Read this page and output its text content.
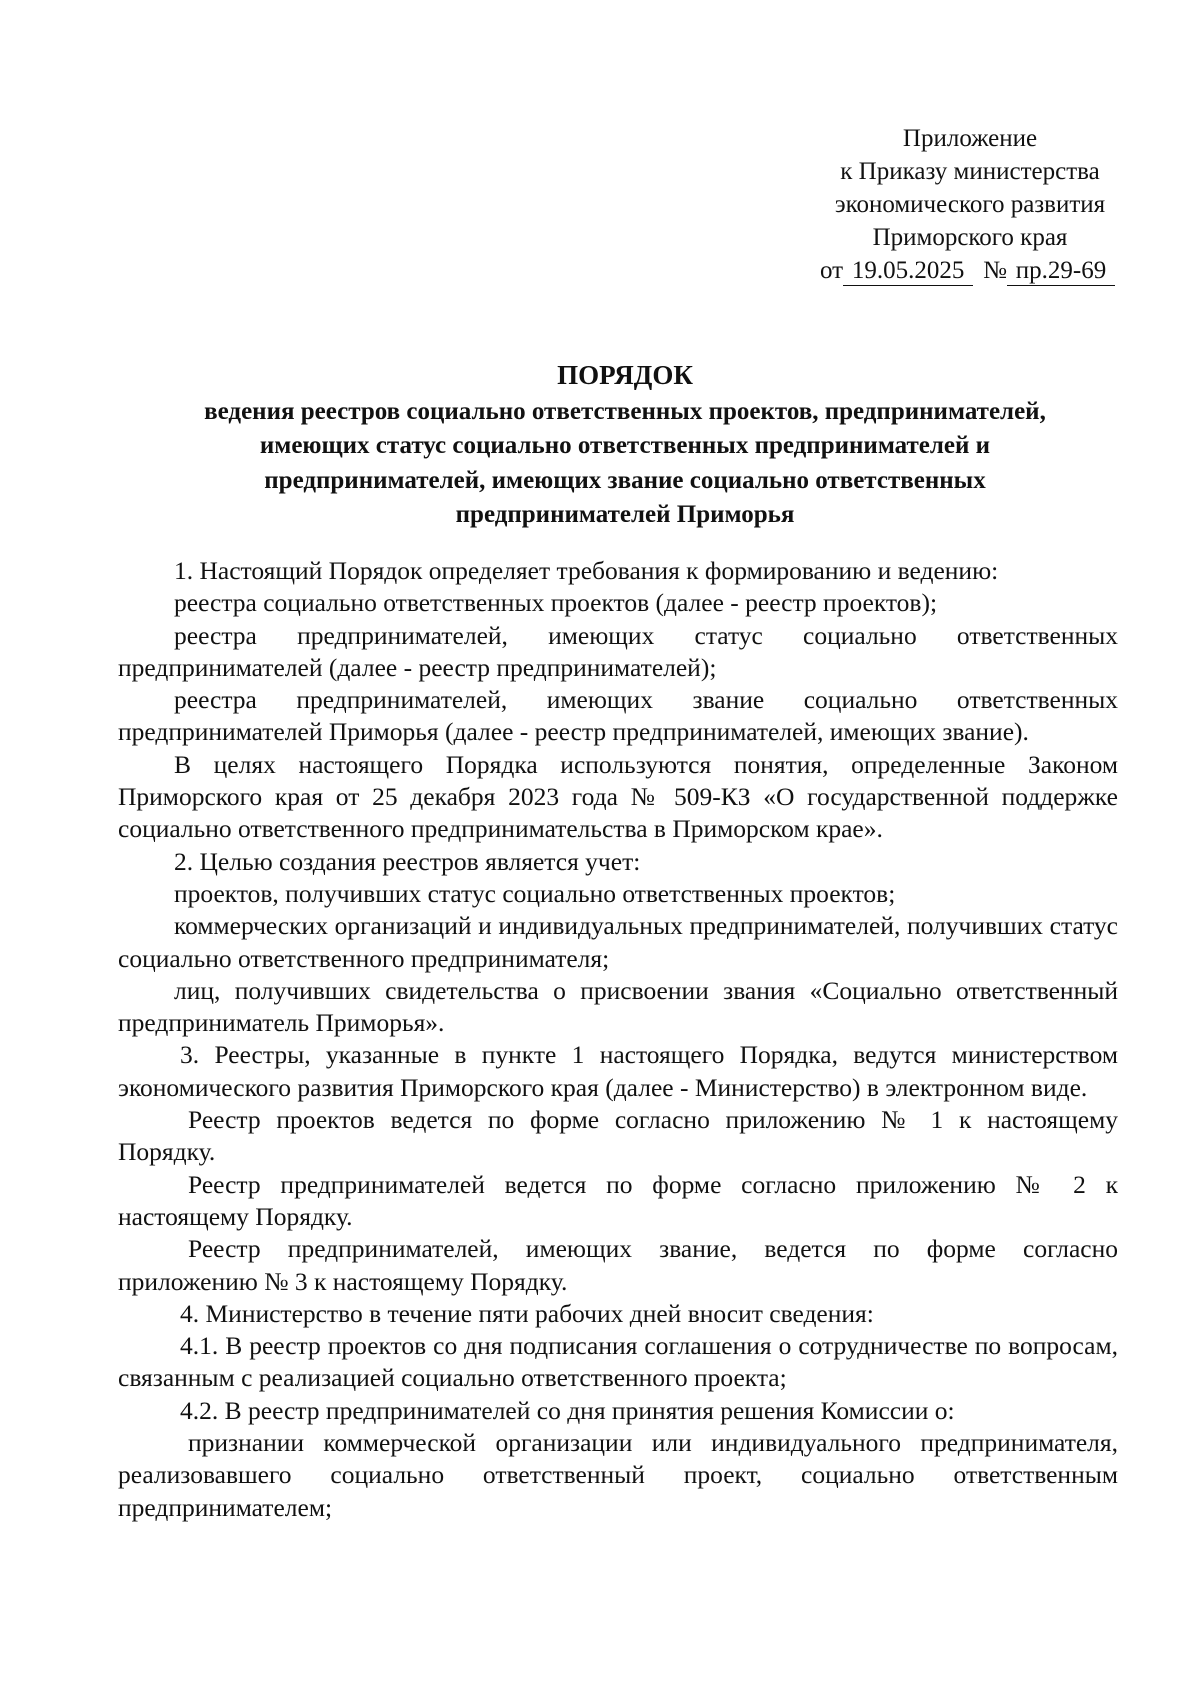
Приложение
к Приказу министерства
экономического развития
Приморского края
от 19.05.2025 № пр.29-69
ПОРЯДОК
ведения реестров социально ответственных проектов, предпринимателей,
имеющих статус социально ответственных предпринимателей и
предпринимателей, имеющих звание социально ответственных
предпринимателей Приморья

1. Настоящий Порядок определяет требования к формированию и ведению:

реестра социально ответственных проектов (далее - реестр проектов);

реестра предпринимателей, имеющих статус социально ответственных предпринимателей (далее - реестр предпринимателей);

реестра предпринимателей, имеющих звание социально ответственных предпринимателей Приморья (далее - реестр предпринимателей, имеющих звание).

В целях настоящего Порядка используются понятия, определенные Законом Приморского края от 25 декабря 2023 года № 509-КЗ «О государственной поддержке социально ответственного предпринимательства в Приморском крае».

2. Целью создания реестров является учет:

проектов, получивших статус социально ответственных проектов;

коммерческих организаций и индивидуальных предпринимателей, получивших статус социально ответственного предпринимателя;

лиц, получивших свидетельства о присвоении звания «Социально ответственный предприниматель Приморья».

3. Реестры, указанные в пункте 1 настоящего Порядка, ведутся министерством экономического развития Приморского края (далее - Министерство) в электронном виде.

Реестр проектов ведется по форме согласно приложению № 1 к настоящему Порядку.

Реестр предпринимателей ведется по форме согласно приложению № 2 к настоящему Порядку.

Реестр предпринимателей, имеющих звание, ведется по форме согласно приложению № 3 к настоящему Порядку.

4. Министерство в течение пяти рабочих дней вносит сведения:

4.1. В реестр проектов со дня подписания соглашения о сотрудничестве по вопросам, связанным с реализацией социально ответственного проекта;

4.2. В реестр предпринимателей со дня принятия решения Комиссии о:

признании коммерческой организации или индивидуального предпринимателя, реализовавшего социально ответственный проект, социально ответственным предпринимателем;
